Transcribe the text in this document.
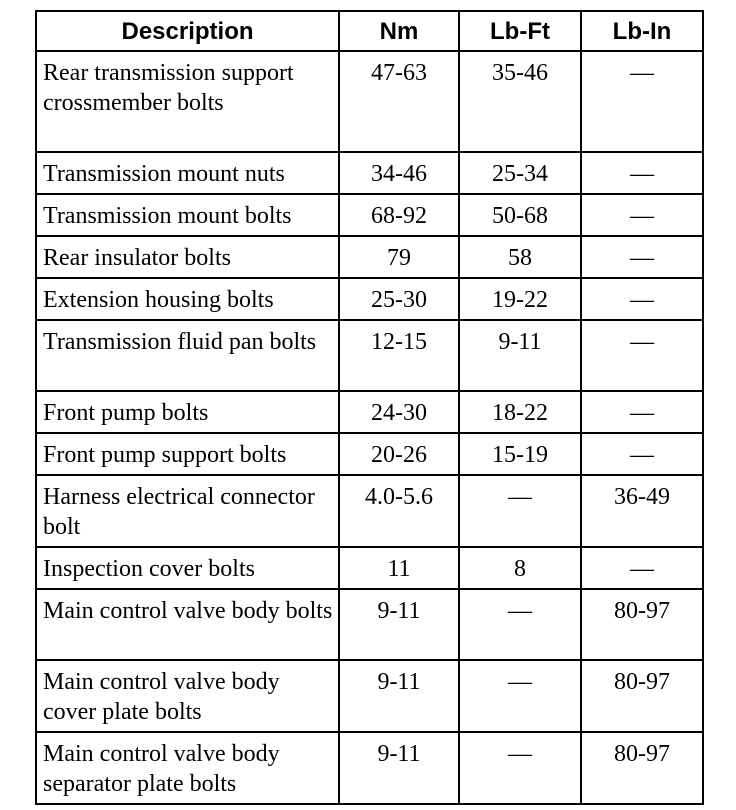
Description	Nm	Lb-Ft	Lb-In
Rear transmission support crossmember bolts	47-63	35-46	—
Transmission mount nuts	34-46	25-34	—
Transmission mount bolts	68-92	50-68	—
Rear insulator bolts	79	58	—
Extension housing bolts	25-30	19-22	—
Transmission fluid pan bolts	12-15	9-11	—
Front pump bolts	24-30	18-22	—
Front pump support bolts	20-26	15-19	—
Harness electrical connector bolt	4.0-5.6	—	36-49
Inspection cover bolts	11	8	—
Main control valve body bolts	9-11	—	80-97
Main control valve body cover plate bolts	9-11	—	80-97
Main control valve body separator plate bolts	9-11	—	80-97
